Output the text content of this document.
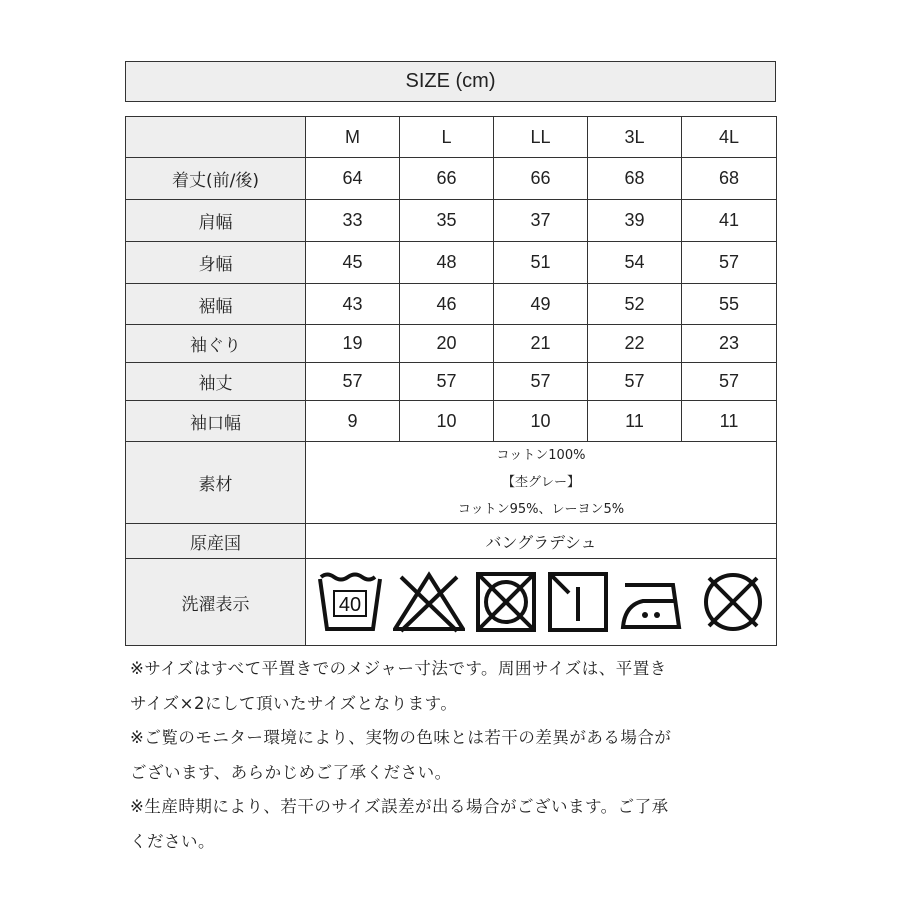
SIZE (cm)
	M	L	LL	3L	4L
着丈(前/後)	64	66	66	68	68
肩幅	33	35	37	39	41
身幅	45	48	51	54	57
裾幅	43	46	49	52	55
袖ぐり	19	20	21	22	23
袖丈	57	57	57	57	57
袖口幅	9	10	10	11	11
素材	コットン100%
【杢グレー】
コットン95%、レーヨン5%				

原産国	バングラデシュ				
洗濯表示	40				
※サイズはすべて平置きでのメジャー寸法です。周囲サイズは、平置き
サイズ×2にして頂いたサイズとなります。
※ご覧のモニター環境により、実物の色味とは若干の差異がある場合が
ございます、あらかじめご了承ください。
※生産時期により、若干のサイズ誤差が出る場合がございます。ご了承
ください。
